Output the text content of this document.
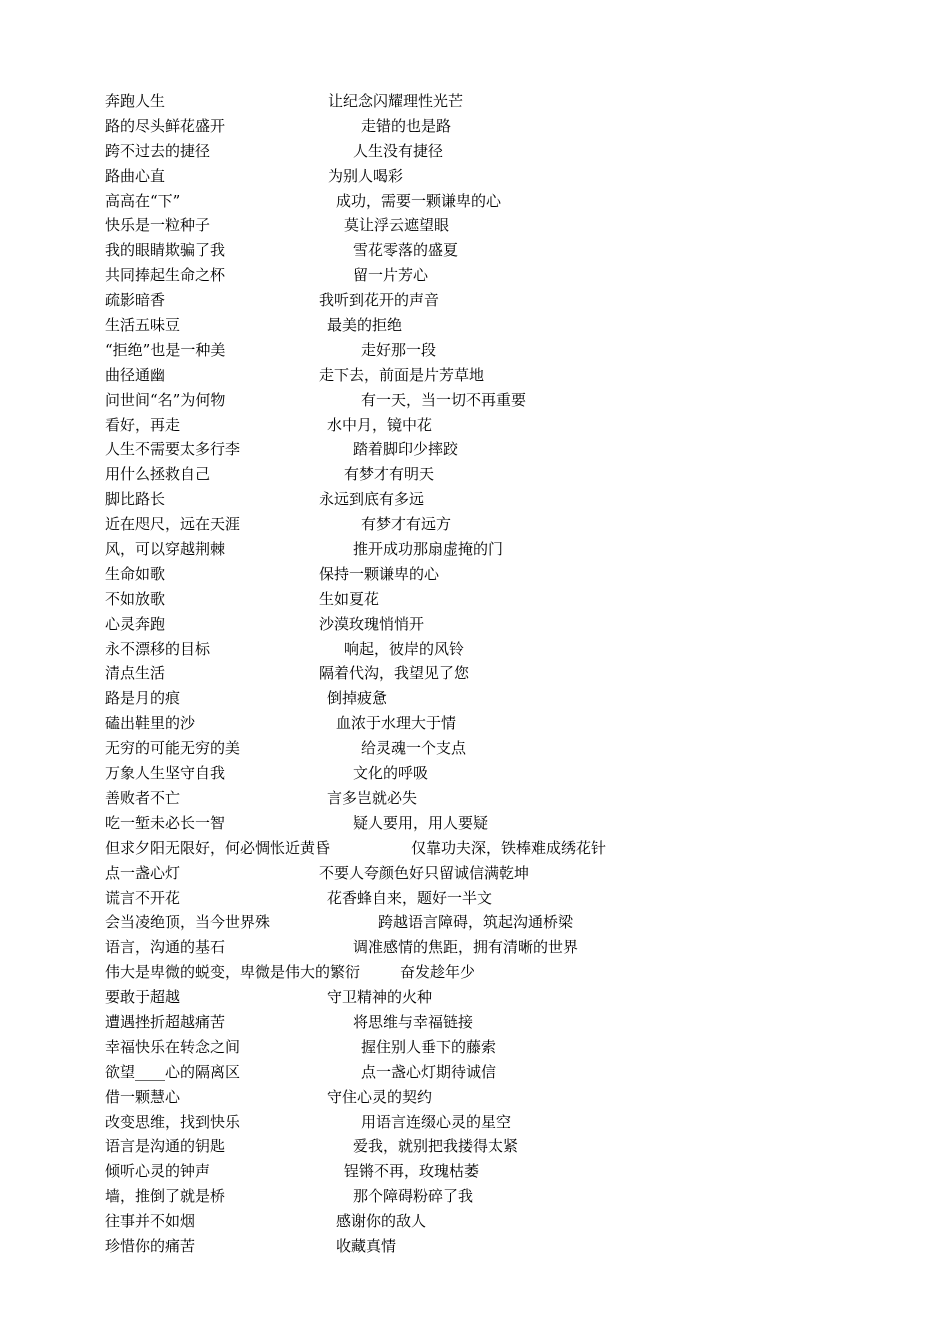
奔跑人生	让纪念闪耀理性光芒
路的尽头鲜花盛开	走错的也是路
跨不过去的捷径	人生没有捷径
路曲心直	为别人喝彩
高高在“下”	成功，需要一颗谦卑的心
快乐是一粒种子	莫让浮云遮望眼
我的眼睛欺骗了我	雪花零落的盛夏
共同捧起生命之杯	留一片芳心
疏影暗香	我听到花开的声音
生活五味豆	最美的拒绝
“拒绝”也是一种美	走好那一段
曲径通幽	走下去，前面是片芳草地
问世间“名”为何物	有一天，当一切不再重要
看好，再走	水中月，镜中花
人生不需要太多行李	踏着脚印少摔跤
用什么拯救自己	有梦才有明天
脚比路长	永远到底有多远
近在咫尺，远在天涯	有梦才有远方
风，可以穿越荆棘	推开成功那扇虚掩的门
生命如歌	保持一颗谦卑的心
不如放歌	生如夏花
心灵奔跑	沙漠玫瑰悄悄开
永不漂移的目标	响起，彼岸的风铃
清点生活	隔着代沟，我望见了您
路是月的痕	倒掉疲惫
磕出鞋里的沙	血浓于水理大于情
无穷的可能无穷的美	给灵魂一个支点
万象人生坚守自我	文化的呼吸
善败者不亡	言多岂就必失
吃一堑未必长一智	疑人要用，用人要疑
但求夕阳无限好，何必惆怅近黄昏	仅靠功夫深，铁棒难成绣花针
点一盏心灯	不要人夸颜色好只留诚信满乾坤
谎言不开花	花香蜂自来，题好一半文
会当凌绝顶，当今世界殊	跨越语言障碍，筑起沟通桥梁
语言，沟通的基石	调准感情的焦距，拥有清晰的世界
伟大是卑微的蜕变，卑微是伟大的繁衍	奋发趁年少
要敢于超越	守卫精神的火种
遭遇挫折超越痛苦	将思维与幸福链接
幸福快乐在转念之间	握住别人垂下的藤索
欲望____心的隔离区	点一盏心灯期待诚信
借一颗慧心	守住心灵的契约
改变思维，找到快乐	用语言连缀心灵的星空
语言是沟通的钥匙	爱我，就别把我搂得太紧
倾听心灵的钟声	锃锵不再，玫瑰枯萎
墙，推倒了就是桥	那个障碍粉碎了我
往事并不如烟	感谢你的敌人
珍惜你的痛苦	收藏真情
